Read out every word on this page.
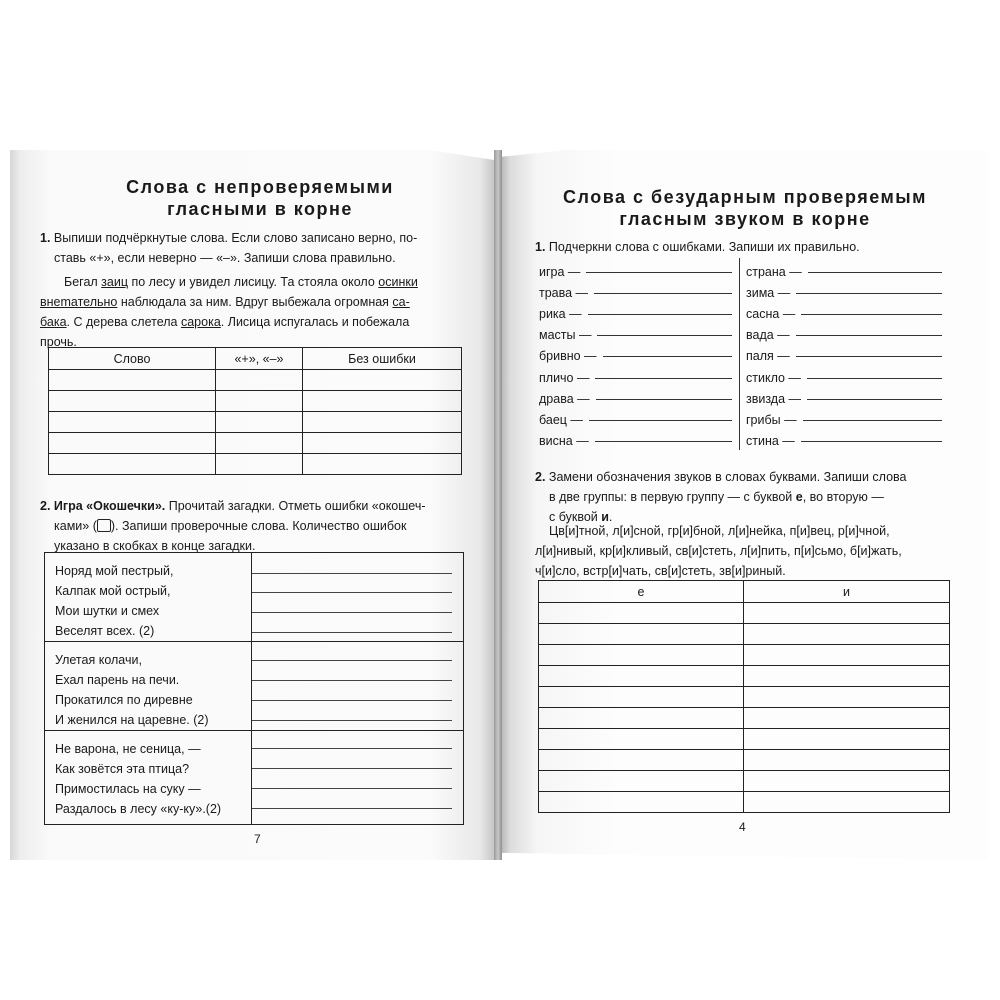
Слова с непроверяемыми
гласными в корне
1. Выпиши подчёркнутые слова. Если слово записано верно, по-
ставь «+», если неверно — «–». Запиши слова правильно.
Бегал заиц по лесу и увидел лисицу. Та стояла около осинки
внеmательно наблюдала за ним. Вдруг выбежала огромная са-
бака. С дерева слетела сарока. Лисица испугалась и побежала
прочь.
Слово	«+», «–»	Без ошибки

2. Игра «Окошечки». Прочитай загадки. Отметь ошибки «окошеч-
ками» ( ). Запиши проверочные слова. Количество ошибок
указано в скобках в конце загадки.
Норяд мой пестрый,
Калпак мой острый,
Мои шутки и смех
Веселят всех. (2)	

Улетая колачи,
Ехал парень на печи.
Прокатился по диревне
И женился на царевне. (2)	

Не варона, не сеница, —
Как зовётся эта птица?
Примостилась на суку —
Раздалось в лесу «ку-ку».(2)	

7
Слова с безударным проверяемым
гласным звуком в корне
1. Подчеркни слова с ошибками. Запиши их правильно.
игра —
трава —
рика —
масты —
бривно —
пличо —
драва —
баец —
висна —
страна —
зима —
сасна —
вада —
паля —
стикло —
звизда —
грибы —
стина —
2. Замени обозначения звуков в словах буквами. Запиши слова
в две группы: в первую группу — с буквой е, во вторую —
с буквой и.
Цв[и]тной, л[и]сной, гр[и]бной, л[и]нейка, п[и]вец, р[и]чной,
л[и]нивый, кр[и]кливый, св[и]стеть, л[и]пить, п[и]сьмо, б[и]жать,
ч[и]сло, встр[и]чать, св[и]стеть, зв[и]риный.
е	и

4
